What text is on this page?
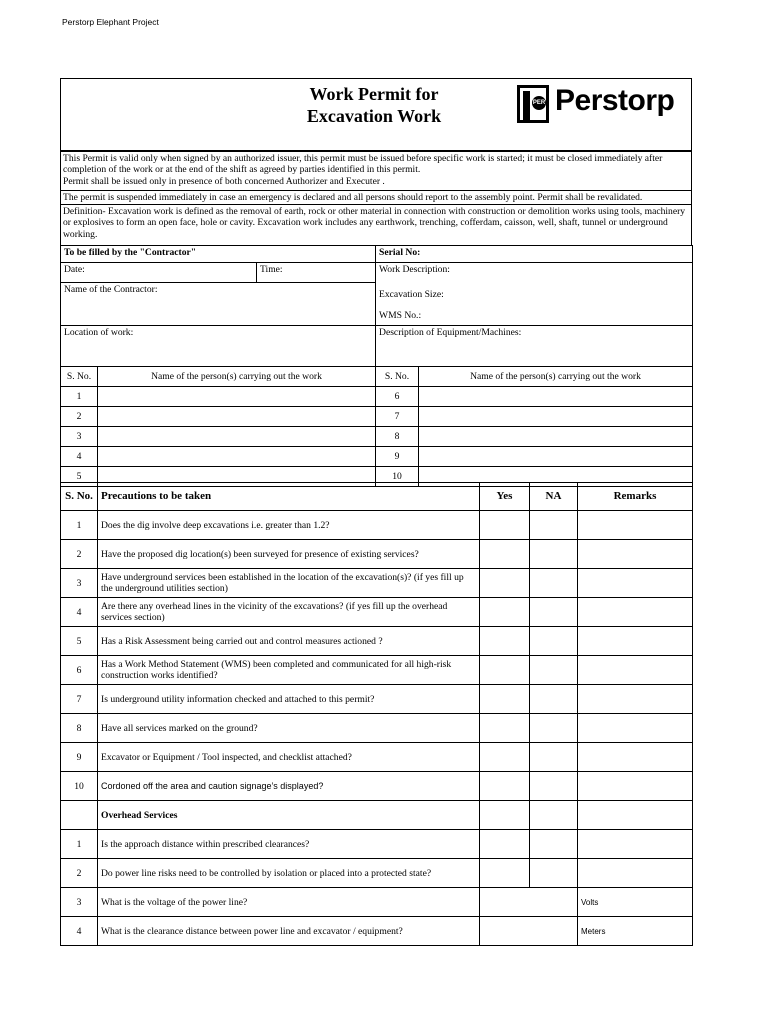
Perstorp Elephant Project
Work Permit for
Excavation Work
PER Perstorp
This Permit is valid only when signed by an authorized issuer, this permit must be issued before specific work is started; it must be closed immediately after completion of the work or at the end of the shift as agreed by parties identified in this permit.
Permit shall be issued only in presence of both concerned Authorizer and Executer .
The permit is suspended immediately in case an emergency is declared and all persons should report to the assembly point. Permit shall be revalidated.
Definition- Excavation work is defined as the removal of earth, rock or other material in connection with construction or demolition works using tools, machinery or explosives to form an open face, hole or cavity. Excavation work includes any earthwork, trenching, cofferdam, caisson, well, shaft, tunnel or underground working.
To be filled by the "Contractor"		Serial No:
Date:	Time:	Work Description:
Excavation Size:
WMS No.:

Name of the Contractor:		
Location of work:		Description of Equipment/Machines:
S. No.	Name of the person(s) carrying out the work	S. No.	Name of the person(s) carrying out the work
1		6	
2		7	
3		8	
4		9	
5		10	
S. No.	Precautions to be taken	Yes	NA	Remarks
1	Does the dig involve deep excavations i.e. greater than 1.2?			
2	Have the proposed dig location(s) been surveyed for presence of existing services?			
3	Have underground services been established in the location of the excavation(s)? (if yes fill up the underground utilities section)			
4	Are there any overhead lines in the vicinity of the excavations? (if yes fill up the overhead services section)			
5	Has a Risk Assessment being carried out and control measures actioned ?			
6	Has a Work Method Statement (WMS) been completed and communicated for all high-risk construction works identified?			
7	Is underground utility information checked and attached to this permit?			
8	Have all services marked on the ground?			
9	Excavator or Equipment / Tool inspected, and checklist attached?			
10	Cordoned off the area and caution signage’s displayed?			
	Overhead Services			
1	Is the approach distance within prescribed clearances?			
2	Do power line risks need to be controlled by isolation or placed into a protected state?			
3	What is the voltage of the power line?			Volts
4	What is the clearance distance between power line and excavator / equipment?			Meters
